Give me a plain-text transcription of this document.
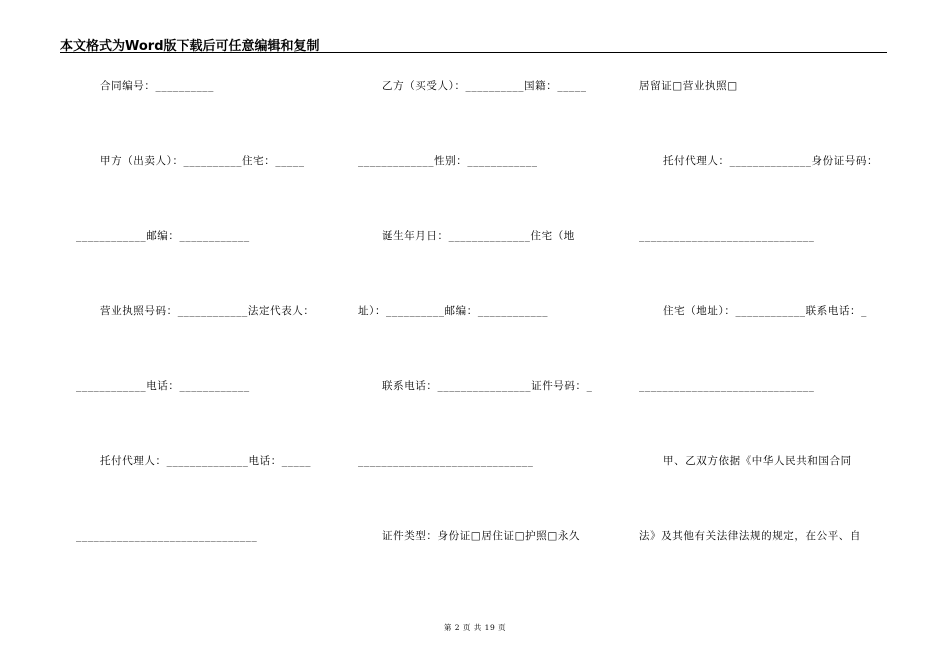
本文格式为Word版下载后可任意编辑和复制
合同编号：__________
甲方（出卖人）：__________住宅：_____
____________邮编：____________
营业执照号码：____________法定代表人：
____________电话：____________
托付代理人：______________电话：_____
_______________________________
乙方（买受人）：__________国籍：_____
_____________性别：____________
诞生年月日：______________住宅（地
址）：__________邮编：____________
联系电话：________________证件号码：_
______________________________
证件类型：身份证□居住证□护照□永久
居留证□营业执照□
托付代理人：______________身份证号码：
______________________________
住宅（地址）：____________联系电话：_
______________________________
甲、乙双方依据《中华人民共和国合同
法》及其他有关法律法规的规定，在公平、自
第 2 页 共 19 页
